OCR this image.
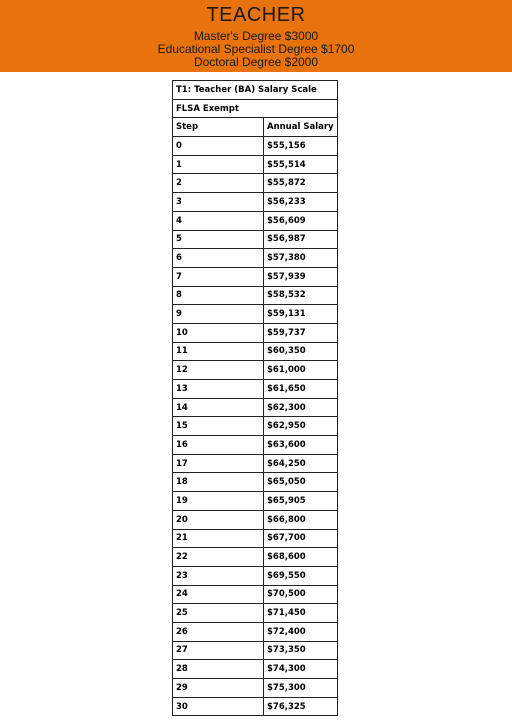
TEACHER
Master's Degree $3000
Educational Specialist Degree $1700
Doctoral Degree $2000
T1: Teacher (BA) Salary Scale	
FLSA Exempt	
Step	Annual Salary
0	$55,156
1	$55,514
2	$55,872
3	$56,233
4	$56,609
5	$56,987
6	$57,380
7	$57,939
8	$58,532
9	$59,131
10	$59,737
11	$60,350
12	$61,000
13	$61,650
14	$62,300
15	$62,950
16	$63,600
17	$64,250
18	$65,050
19	$65,905
20	$66,800
21	$67,700
22	$68,600
23	$69,550
24	$70,500
25	$71,450
26	$72,400
27	$73,350
28	$74,300
29	$75,300
30	$76,325
